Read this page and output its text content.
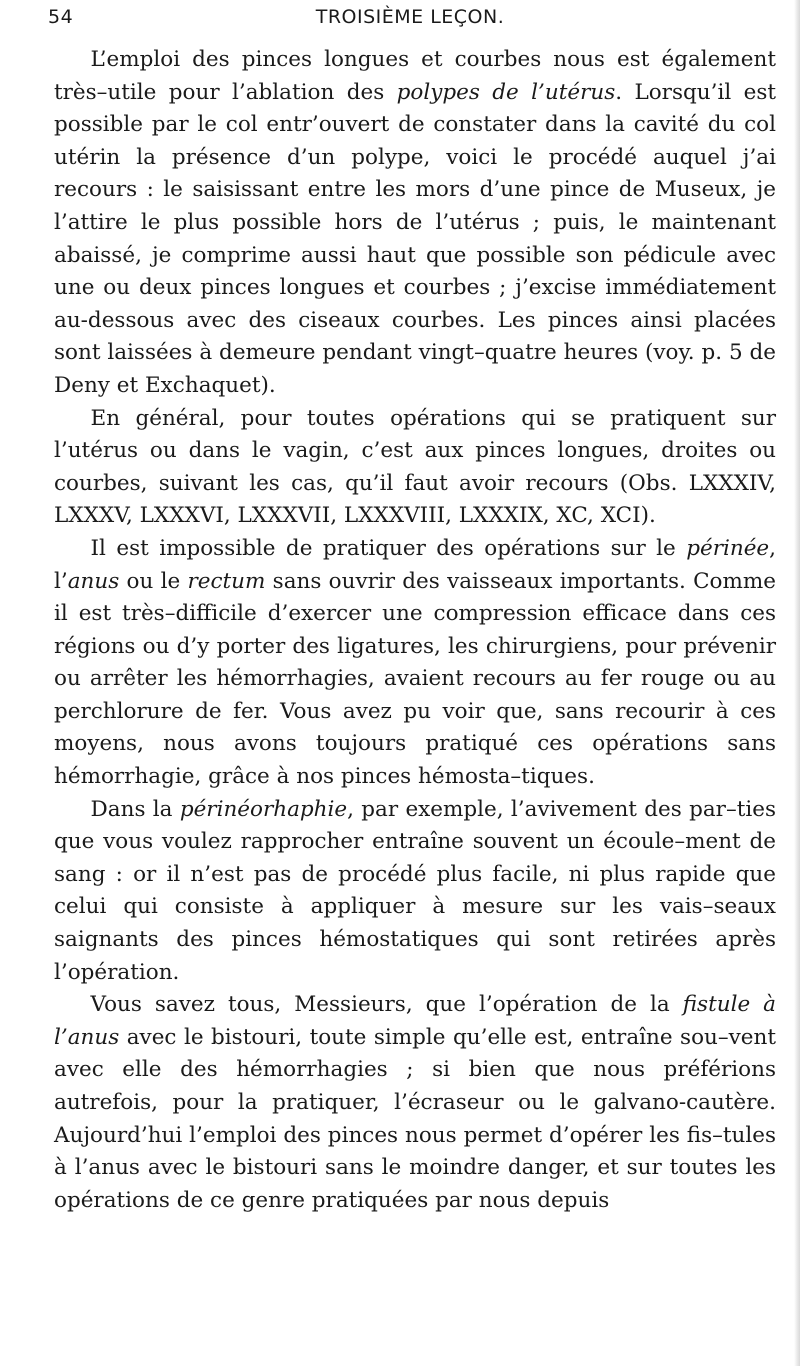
54	TROISIÈME LEÇON.

L’emploi des pinces longues et courbes nous est également très–utile pour l’ablation des polypes de l’utérus. Lorsqu’il est possible par le col entr’ouvert de constater dans la cavité du col utérin la présence d’un polype, voici le procédé auquel j’ai recours : le saisissant entre les mors d’une pince de Museux, je l’attire le plus possible hors de l’utérus ; puis, le maintenant abaissé, je comprime aussi haut que possible son pédicule avec une ou deux pinces longues et courbes ; j’excise immédiatement au-dessous avec des ciseaux courbes. Les pinces ainsi placées sont laissées à demeure pendant vingt–quatre heures (voy. p. 5 de Deny et Exchaquet).

En général, pour toutes opérations qui se pratiquent sur l’utérus ou dans le vagin, c’est aux pinces longues, droites ou courbes, suivant les cas, qu’il faut avoir recours (Obs. LXXXIV, LXXXV, LXXXVI, LXXXVII, LXXXVIII, LXXXIX, XC, XCI).

Il est impossible de pratiquer des opérations sur le périnée, l’anus ou le rectum sans ouvrir des vaisseaux importants. Comme il est très–difficile d’exercer une compression efficace dans ces régions ou d’y porter des ligatures, les chirurgiens, pour prévenir ou arrêter les hémorrhagies, avaient recours au fer rouge ou au perchlorure de fer. Vous avez pu voir que, sans recourir à ces moyens, nous avons toujours pratiqué ces opérations sans hémorrhagie, grâce à nos pinces hémosta–tiques.

Dans la périnéorhaphie, par exemple, l’avivement des par–ties que vous voulez rapprocher entraîne souvent un écoule–ment de sang : or il n’est pas de procédé plus facile, ni plus rapide que celui qui consiste à appliquer à mesure sur les vais–seaux saignants des pinces hémostatiques qui sont retirées après l’opération.

Vous savez tous, Messieurs, que l’opération de la fistule à l’anus avec le bistouri, toute simple qu’elle est, entraîne sou–vent avec elle des hémorrhagies ; si bien que nous préférions autrefois, pour la pratiquer, l’écraseur ou le galvano-cautère. Aujourd’hui l’emploi des pinces nous permet d’opérer les fis–tules à l’anus avec le bistouri sans le moindre danger, et sur toutes les opérations de ce genre pratiquées par nous depuis
